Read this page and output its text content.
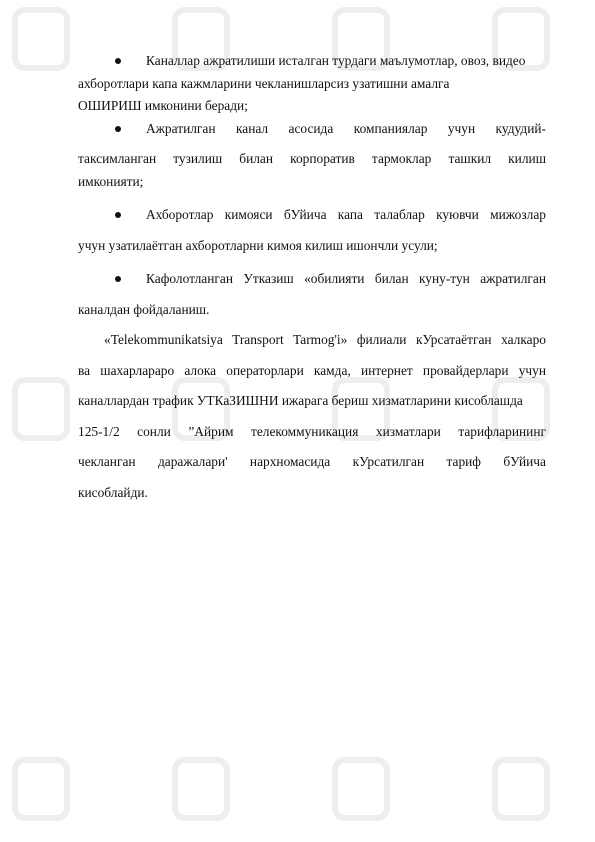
Каналлар ажратилиши исталган турдаги маълумотлар, овоз, видео
ахборотлари капа кажмларини чекланишларсиз узатишни амалга
ОШИРИШ имконини беради;
Ажратилган канал асосида компаниялар учун кудудий-
таксимланган тузилиш билан корпоратив тармоклар ташкил килиш
имконияти;
Ахборотлар кимояси бУйича капа талаблар куювчи мижозлар
учун узатилаётган ахборотларни кимоя килиш ишончли усули;
Кафолотланган Утказиш «обилияти билан куну-тун ажратилган
каналдан фойдаланиш.
«Telekommunikatsiya Transport Tarmog'i» филиали кУрсатаётган халкаро
ва шахарлараро алока операторлари камда, интернет провайдерлари учун
каналлардан трафик УТКаЗИШНИ ижарага бериш хизматларини кисоблашда
125-1/2 сонли ”Айрим телекоммуникация хизматлари тарифларининг
чекланган даражалари' нархномасида кУрсатилган тариф бУйича
кисоблайди.
